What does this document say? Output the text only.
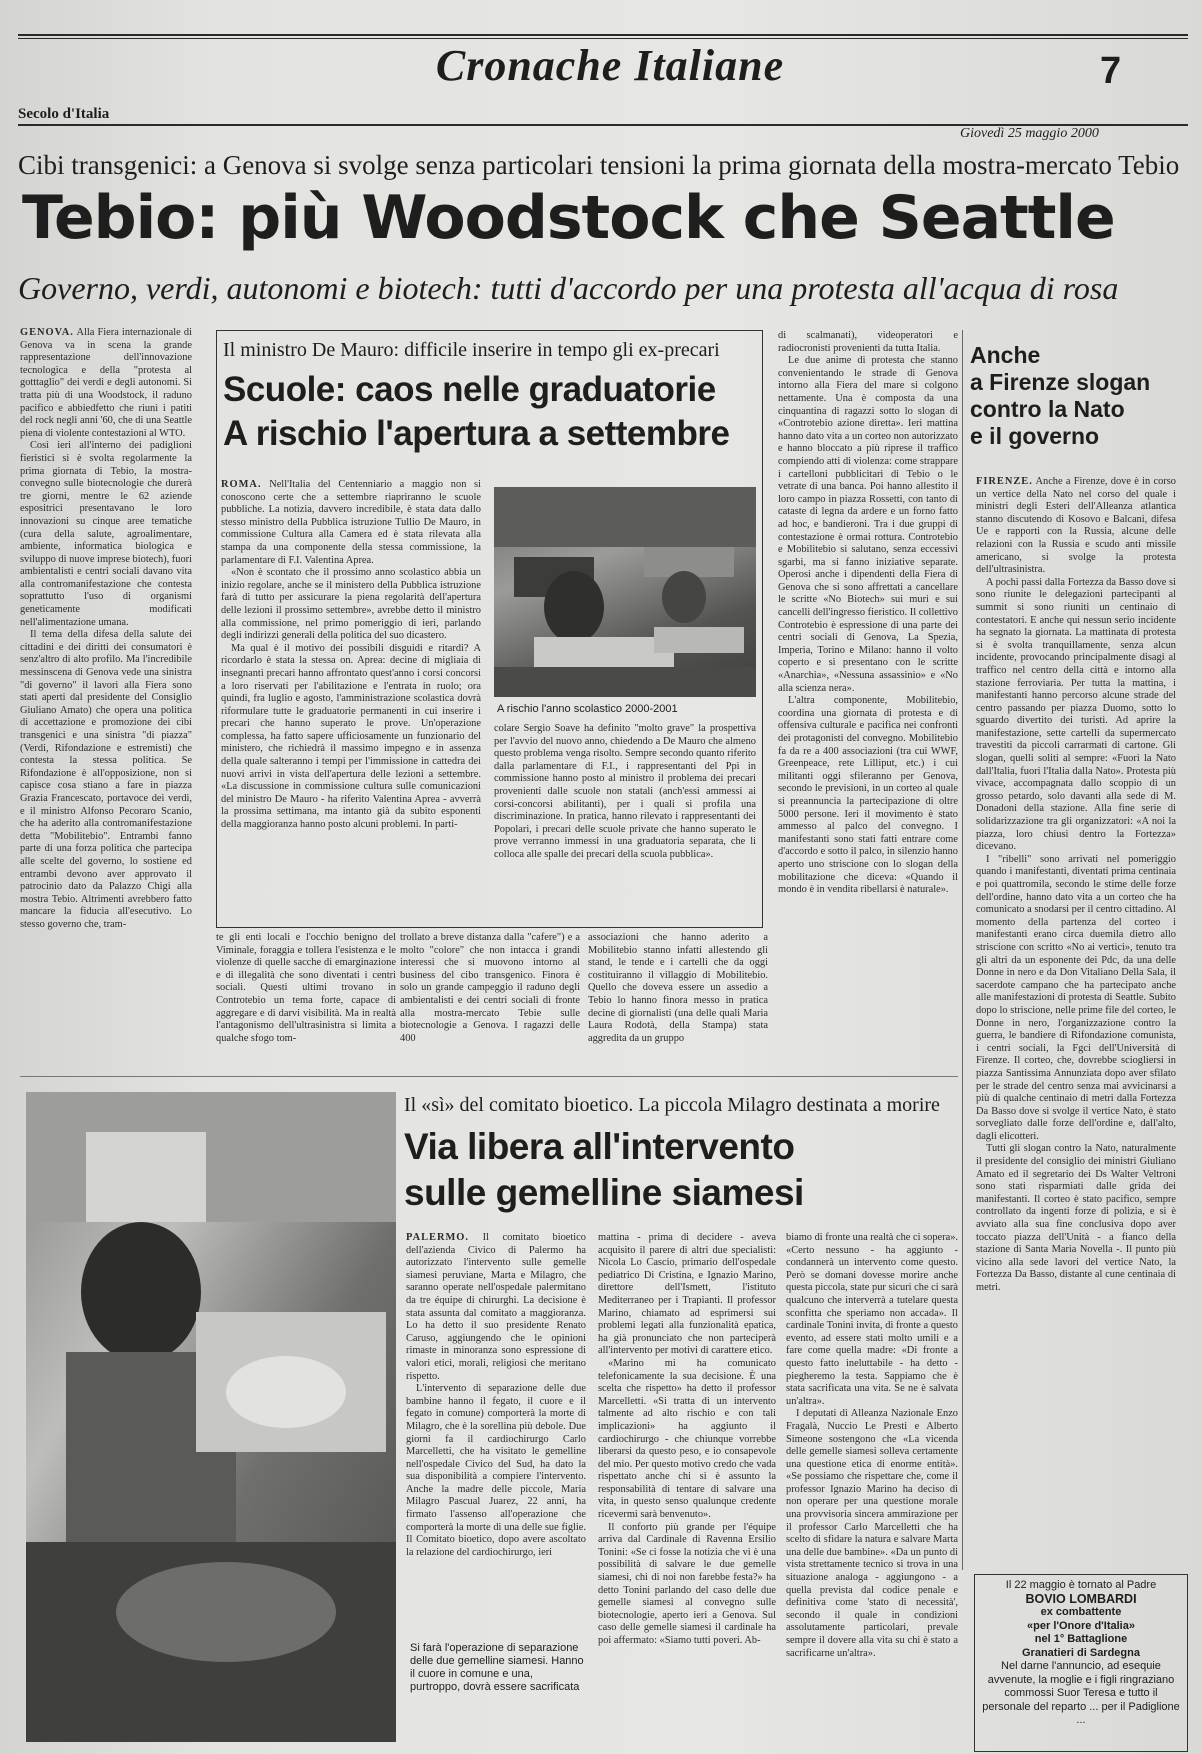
Cronache Italiane	7
Secolo d'Italia
Giovedì 25 maggio 2000
Cibi transgenici: a Genova si svolge senza particolari tensioni la prima giornata della mostra-mercato Tebio
Tebio: più Woodstock che Seattle
Governo, verdi, autonomi e biotech: tutti d'accordo per una protesta all'acqua di rosa

GENOVA. Alla Fiera internazionale di Genova va in scena la grande rappresentazione dell'innovazione tecnologica e della "protesta al gotttaglio" dei verdi e degli autonomi. Si tratta più di una Woodstock, il raduno pacifico e abbiedfetto che riunì i patiti del rock negli anni '60, che di una Seattle piena di violente contestazioni al WTO.

Così ieri all'interno dei padiglioni fieristici si è svolta regolarmente la prima giornata di Tebio, la mostra-convegno sulle biotecnologie che durerà tre giorni, mentre le 62 aziende espositrici presentavano le loro innovazioni su cinque aree tematiche (cura della salute, agroalimentare, ambiente, informatica biologica e sviluppo di nuove imprese biotech), fuori ambientalisti e centri sociali davano vita alla contromanifestazione che contesta soprattutto l'uso di organismi geneticamente modificati nell'alimentazione umana.

Il tema della difesa della salute dei cittadini e dei diritti dei consumatori è senz'altro di alto profilo. Ma l'incredibile messinscena di Genova vede una sinistra "di governo" il lavori alla Fiera sono stati aperti dal presidente del Consiglio Giuliano Amato) che opera una politica di accettazione e promozione dei cibi transgenici e una sinistra "di piazza" (Verdi, Rifondazione e estremisti) che contesta la stessa politica. Se Rifondazione è all'opposizione, non si capisce cosa stiano a fare in piazza Grazia Francescato, portavoce dei verdi, e il ministro Alfonso Pecoraro Scanio, che ha aderito alla contromanifestazione detta "Mobilitebio". Entrambi fanno parte di una forza politica che partecipa alle scelte del governo, lo sostiene ed entrambi devono aver approvato il patrocinio dato da Palazzo Chigi alla mostra Tebio. Altrimenti avrebbero fatto mancare la fiducia all'esecutivo. Lo stesso governo che, tram-

Il ministro De Mauro: difficile inserire in tempo gli ex-precari
Scuole: caos nelle graduatorie
A rischio l'apertura a settembre

ROMA. Nell'Italia del Centenniario a maggio non si conoscono certe che a settembre riapriranno le scuole pubbliche. La notizia, davvero incredibile, è stata data dallo stesso ministro della Pubblica istruzione Tullio De Mauro, in commissione Cultura alla Camera ed è stata rilevata alla stampa da una componente della stessa commissione, la parlamentare di F.I. Valentina Aprea.

«Non è scontato che il prossimo anno scolastico abbia un inizio regolare, anche se il ministero della Pubblica istruzione farà di tutto per assicurare la piena regolarità dell'apertura delle lezioni il prossimo settembre», avrebbe detto il ministro alla commissione, nel primo pomeriggio di ieri, parlando degli indirizzi generali della politica del suo dicastero.

Ma qual è il motivo dei possibili disguidi e ritardi? A ricordarlo è stata la stessa on. Aprea: decine di migliaia di insegnanti precari hanno affrontato quest'anno i corsi concorsi a loro riservati per l'abilitazione e l'entrata in ruolo; ora quindi, fra luglio e agosto, l'amministrazione scolastica dovrà riformulare tutte le graduatorie permanenti in cui inserire i precari che hanno superato le prove. Un'operazione complessa, ha fatto sapere ufficiosamente un funzionario del ministero, che richiedrà il massimo impegno e in assenza della quale salteranno i tempi per l'immissione in cattedra dei nuovi arrivi in vista dell'apertura delle lezioni a settembre. «La discussione in commissione cultura sulle comunicazioni del ministro De Mauro - ha riferito Valentina Aprea - avverrà la prossima settimana, ma intanto già da subito esponenti della maggioranza hanno posto alcuni problemi. In parti-

A rischio l'anno scolastico 2000-2001

colare Sergio Soave ha definito "molto grave" la prospettiva per l'avvio del nuovo anno, chiedendo a De Mauro che almeno questo problema venga risolto. Sempre secondo quanto riferito dalla parlamentare di F.I., i rappresentanti del Ppi in commissione hanno posto al ministro il problema dei precari provenienti dalle scuole non statali (anch'essi ammessi ai corsi-concorsi abilitanti), per i quali si profila una discriminazione. In pratica, hanno rilevato i rappresentanti dei Popolari, i precari delle scuole private che hanno superato le prove verranno immessi in una graduatoria separata, che li colloca alle spalle dei precari della scuola pubblica».

di scalmanati), videoperatori e radiocronisti provenienti da tutta Italia.

Le due anime di protesta che stanno convenientando le strade di Genova intorno alla Fiera del mare si colgono nettamente. Una è composta da una cinquantina di ragazzi sotto lo slogan di «Controtebio azione diretta». Ieri mattina hanno dato vita a un corteo non autorizzato e hanno bloccato a più riprese il traffico compiendo atti di violenza: come strappare i cartelloni pubblicitari di Tebio o le vetrate di una banca. Poi hanno allestito il loro campo in piazza Rossetti, con tanto di cataste di legna da ardere e un forno fatto ad hoc, e bandieroni. Tra i due gruppi di contestazione è ormai rottura. Controtebio e Mobilitebio si salutano, senza eccessivi sgarbi, ma si fanno iniziative separate. Operosi anche i dipendenti della Fiera di Genova che si sono affrettati a cancellare le scritte «No Biotech» sui muri e sui cancelli dell'ingresso fieristico. Il collettivo Controtebio è espressione di una parte dei centri sociali di Genova, La Spezia, Imperia, Torino e Milano: hanno il volto coperto e si presentano con le scritte «Anarchia», «Nessuna assassinio» e «No alla scienza nera».

L'altra componente, Mobilitebio, coordina una giornata di protesta e di offensiva culturale e pacifica nei confronti dei protagonisti del convegno. Mobilitebio fa da re a 400 associazioni (tra cui WWF, Greenpeace, rete Lilliput, etc.) i cui militanti oggi sfileranno per Genova, secondo le previsioni, in un corteo al quale si preannuncia la partecipazione di oltre 5000 persone. Ieri il movimento è stato ammesso al palco del convegno. I manifestanti sono stati fatti entrare come d'accordo e sotto il palco, in silenzio hanno aperto uno striscione con lo slogan della mobilitazione che diceva: «Quando il mondo è in vendita ribellarsi è naturale».

te gli enti locali e l'occhio benigno del Viminale, foraggia e tollera l'esistenza e le violenze di quelle sacche di emarginazione e di illegalità che sono diventati i centri sociali. Questi ultimi trovano in Controtebio un tema forte, capace di aggregare e di darvi visibilità. Ma in realtà l'antagonismo dell'ultrasinistra si limita a qualche sfogo tom-

trollato a breve distanza dalla "cafere") e a molto "colore" che non intacca i grandi interessi che si muovono intorno al business del cibo transgenico. Finora è solo un grande campeggio il raduno degli ambientalisti e dei centri sociali di fronte alla mostra-mercato Tebie sulle biotecnologie a Genova. I ragazzi delle 400

associazioni che hanno aderito a Mobilitebio stanno infatti allestendo gli stand, le tende e i cartelli che da oggi costituiranno il villaggio di Mobilitebio. Quello che doveva essere un assedio a Tebio lo hanno finora messo in pratica decine di giornalisti (una delle quali Maria Laura Rodotà, della Stampa) stata aggredita da un gruppo

Anche
a Firenze slogan
contro la Nato
e il governo

FIRENZE. Anche a Firenze, dove è in corso un vertice della Nato nel corso del quale i ministri degli Esteri dell'Alleanza atlantica stanno discutendo di Kosovo e Balcani, difesa Ue e rapporti con la Russia, alcune delle relazioni con la Russia e scudo anti missile americano, si svolge la protesta dell'ultrasinistra.

A pochi passi dalla Fortezza da Basso dove si sono riunite le delegazioni partecipanti al summit si sono riuniti un centinaio di contestatori. E anche qui nessun serio incidente ha segnato la giornata. La mattinata di protesta si è svolta tranquillamente, senza alcun incidente, provocando principalmente disagi al traffico nel centro della città e intorno alla stazione ferroviaria. Per tutta la mattina, i manifestanti hanno percorso alcune strade del centro passando per piazza Duomo, sotto lo sguardo divertito dei turisti. Ad aprire la manifestazione, sette cartelli da supermercato travestiti da piccoli carrarmati di cartone. Gli slogan, quelli soliti al sempre: «Fuori la Nato dall'Italia, fuori l'Italia dalla Nato». Protesta più vivace, accompagnata dallo scoppio di un grosso petardo, solo davanti alla sede di M. Donadoni della stazione. Alla fine serie di solidarizzazione tra gli organizzatori: «A noi la piazza, loro chiusi dentro la Fortezza» dicevano.

I "ribelli" sono arrivati nel pomeriggio quando i manifestanti, diventati prima centinaia e poi quattromila, secondo le stime delle forze dell'ordine, hanno dato vita a un corteo che ha comunicato a snodarsi per il centro cittadino. Al momento della partenza del corteo i manifestanti erano circa duemila dietro allo striscione con scritto «No ai vertici», tenuto tra gli altri da un esponente dei Pdc, da una delle Donne in nero e da Don Vitaliano Della Sala, il sacerdote campano che ha partecipato anche alle manifestazioni di protesta di Seattle. Subito dopo lo striscione, nelle prime file del corteo, le Donne in nero, l'organizzazione contro la guerra, le bandiere di Rifondazione comunista, i centri sociali, la Fgci dell'Università di Firenze. Il corteo, che, dovrebbe sciogliersi in piazza Santissima Annunziata dopo aver sfilato per le strade del centro senza mai avvicinarsi a più di qualche centinaio di metri dalla Fortezza Da Basso dove si svolge il vertice Nato, è stato sorvegliato dalle forze dell'ordine e, dall'alto, dagli elicotteri.

Tutti gli slogan contro la Nato, naturalmente il presidente del consiglio dei ministri Giuliano Amato ed il segretario dei Ds Walter Veltroni sono stati risparmiati dalle grida dei manifestanti. Il corteo è stato pacifico, sempre controllato da ingenti forze di polizia, e si è avviato alla sua fine conclusiva dopo aver toccato piazza dell'Unità - a fianco della stazione di Santa Maria Novella -. Il punto più vicino alla sede lavori del vertice Nato, la Fortezza Da Basso, distante al cune centinaia di metri.

Il 22 maggio è tornato al Padre
BOVIO LOMBARDI
ex combattente
«per l'Onore d'Italia»
nel 1° Battaglione
Granatieri di Sardegna
Nel darne l'annuncio, ad esequie avvenute, la moglie e i figli ringraziano commossi Suor Teresa e tutto il personale del reparto ... per il Padiglione ...
Il «sì» del comitato bioetico. La piccola Milagro destinata a morire
Via libera all'intervento
sulle gemelline siamesi

PALERMO. Il comitato bioetico dell'azienda Civico di Palermo ha autorizzato l'intervento sulle gemelle siamesi peruviane, Marta e Milagro, che saranno operate nell'ospedale palermitano da tre équipe di chirurghi. La decisione è stata assunta dal comitato a maggioranza. Lo ha detto il suo presidente Renato Caruso, aggiungendo che le opinioni rimaste in minoranza sono espressione di valori etici, morali, religiosi che meritano rispetto.

L'intervento di separazione delle due bambine hanno il fegato, il cuore e il fegato in comune) comporterà la morte di Milagro, che è la sorellina più debole. Due giorni fa il cardiochirurgo Carlo Marcelletti, che ha visitato le gemelline nell'ospedale Civico del Sud, ha dato la sua disponibilità a compiere l'intervento. Anche la madre delle piccole, Maria Milagro Pascual Juarez, 22 anni, ha firmato l'assenso all'operazione che comporterà la morte di una delle sue figlie. Il Comitato bioetico, dopo avere ascoltato la relazione del cardiochirurgo, ieri

Si farà l'operazione di separazione delle due gemelline siamesi. Hanno il cuore in comune e una, purtroppo, dovrà essere sacrificata

mattina - prima di decidere - aveva acquisito il parere di altri due specialisti: Nicola Lo Cascio, primario dell'ospedale pediatrico Di Cristina, e Ignazio Marino, direttore dell'Ismett, l'istituto Mediterraneo per i Trapianti. Il professor Marino, chiamato ad esprimersi sui problemi legati alla funzionalità epatica, ha già pronunciato che non parteciperà all'intervento per motivi di carattere etico.

«Marino mi ha comunicato telefonicamente la sua decisione. È una scelta che rispetto» ha detto il professor Marcelletti. «Si tratta di un intervento talmente ad alto rischio e con tali implicazioni» ha aggiunto il cardiochirurgo - che chiunque vorrebbe liberarsi da questo peso, e io consapevole del mio. Per questo motivo credo che vada rispettato anche chi si è assunto la responsabilità di tentare di salvare una vita, in questo senso qualunque credente ricevermi sarà benvenuto».

Il conforto più grande per l'équipe arriva dal Cardinale di Ravenna Ersilio Tonini: «Se ci fosse la notizia che vi è una possibilità di salvare le due gemelle siamesi, chi di noi non farebbe festa?» ha detto Tonini parlando del caso delle due gemelle siamesi al convegno sulle biotecnologie, aperto ieri a Genova. Sul caso delle gemelle siamesi il cardinale ha poi affermato: «Siamo tutti poveri. Ab-

biamo di fronte una realtà che ci sopera». «Certo nessuno - ha aggiunto - condannerà un intervento come questo. Però se domani dovesse morire anche questa piccola, state pur sicuri che ci sarà qualcuno che interverrà a tutelare questa sconfitta che speriamo non accada». Il cardinale Tonini invita, di fronte a questo evento, ad essere stati molto umili e a fare come quella madre: «Di fronte a questo fatto ineluttabile - ha detto - piegheremo la testa. Sappiamo che è stata sacrificata una vita. Se ne è salvata un'altra».

I deputati di Alleanza Nazionale Enzo Fragalà, Nuccio Le Presti e Alberto Simeone sostengono che «La vicenda delle gemelle siamesi solleva certamente una questione etica di enorme entità». «Se possiamo che rispettare che, come il professor Ignazio Marino ha deciso di non operare per una questione morale una provvisoria sincera ammirazione per il professor Carlo Marcelletti che ha scelto di sfidare la natura e salvare Marta una delle due bambine». «Da un punto di vista strettamente tecnico si trova in una situazione analoga - aggiungono - a quella prevista dal codice penale e definitiva come 'stato di necessità', secondo il quale in condizioni assolutamente particolari, prevale sempre il dovere alla vita su chi è stato a sacrificarne un'altra».
